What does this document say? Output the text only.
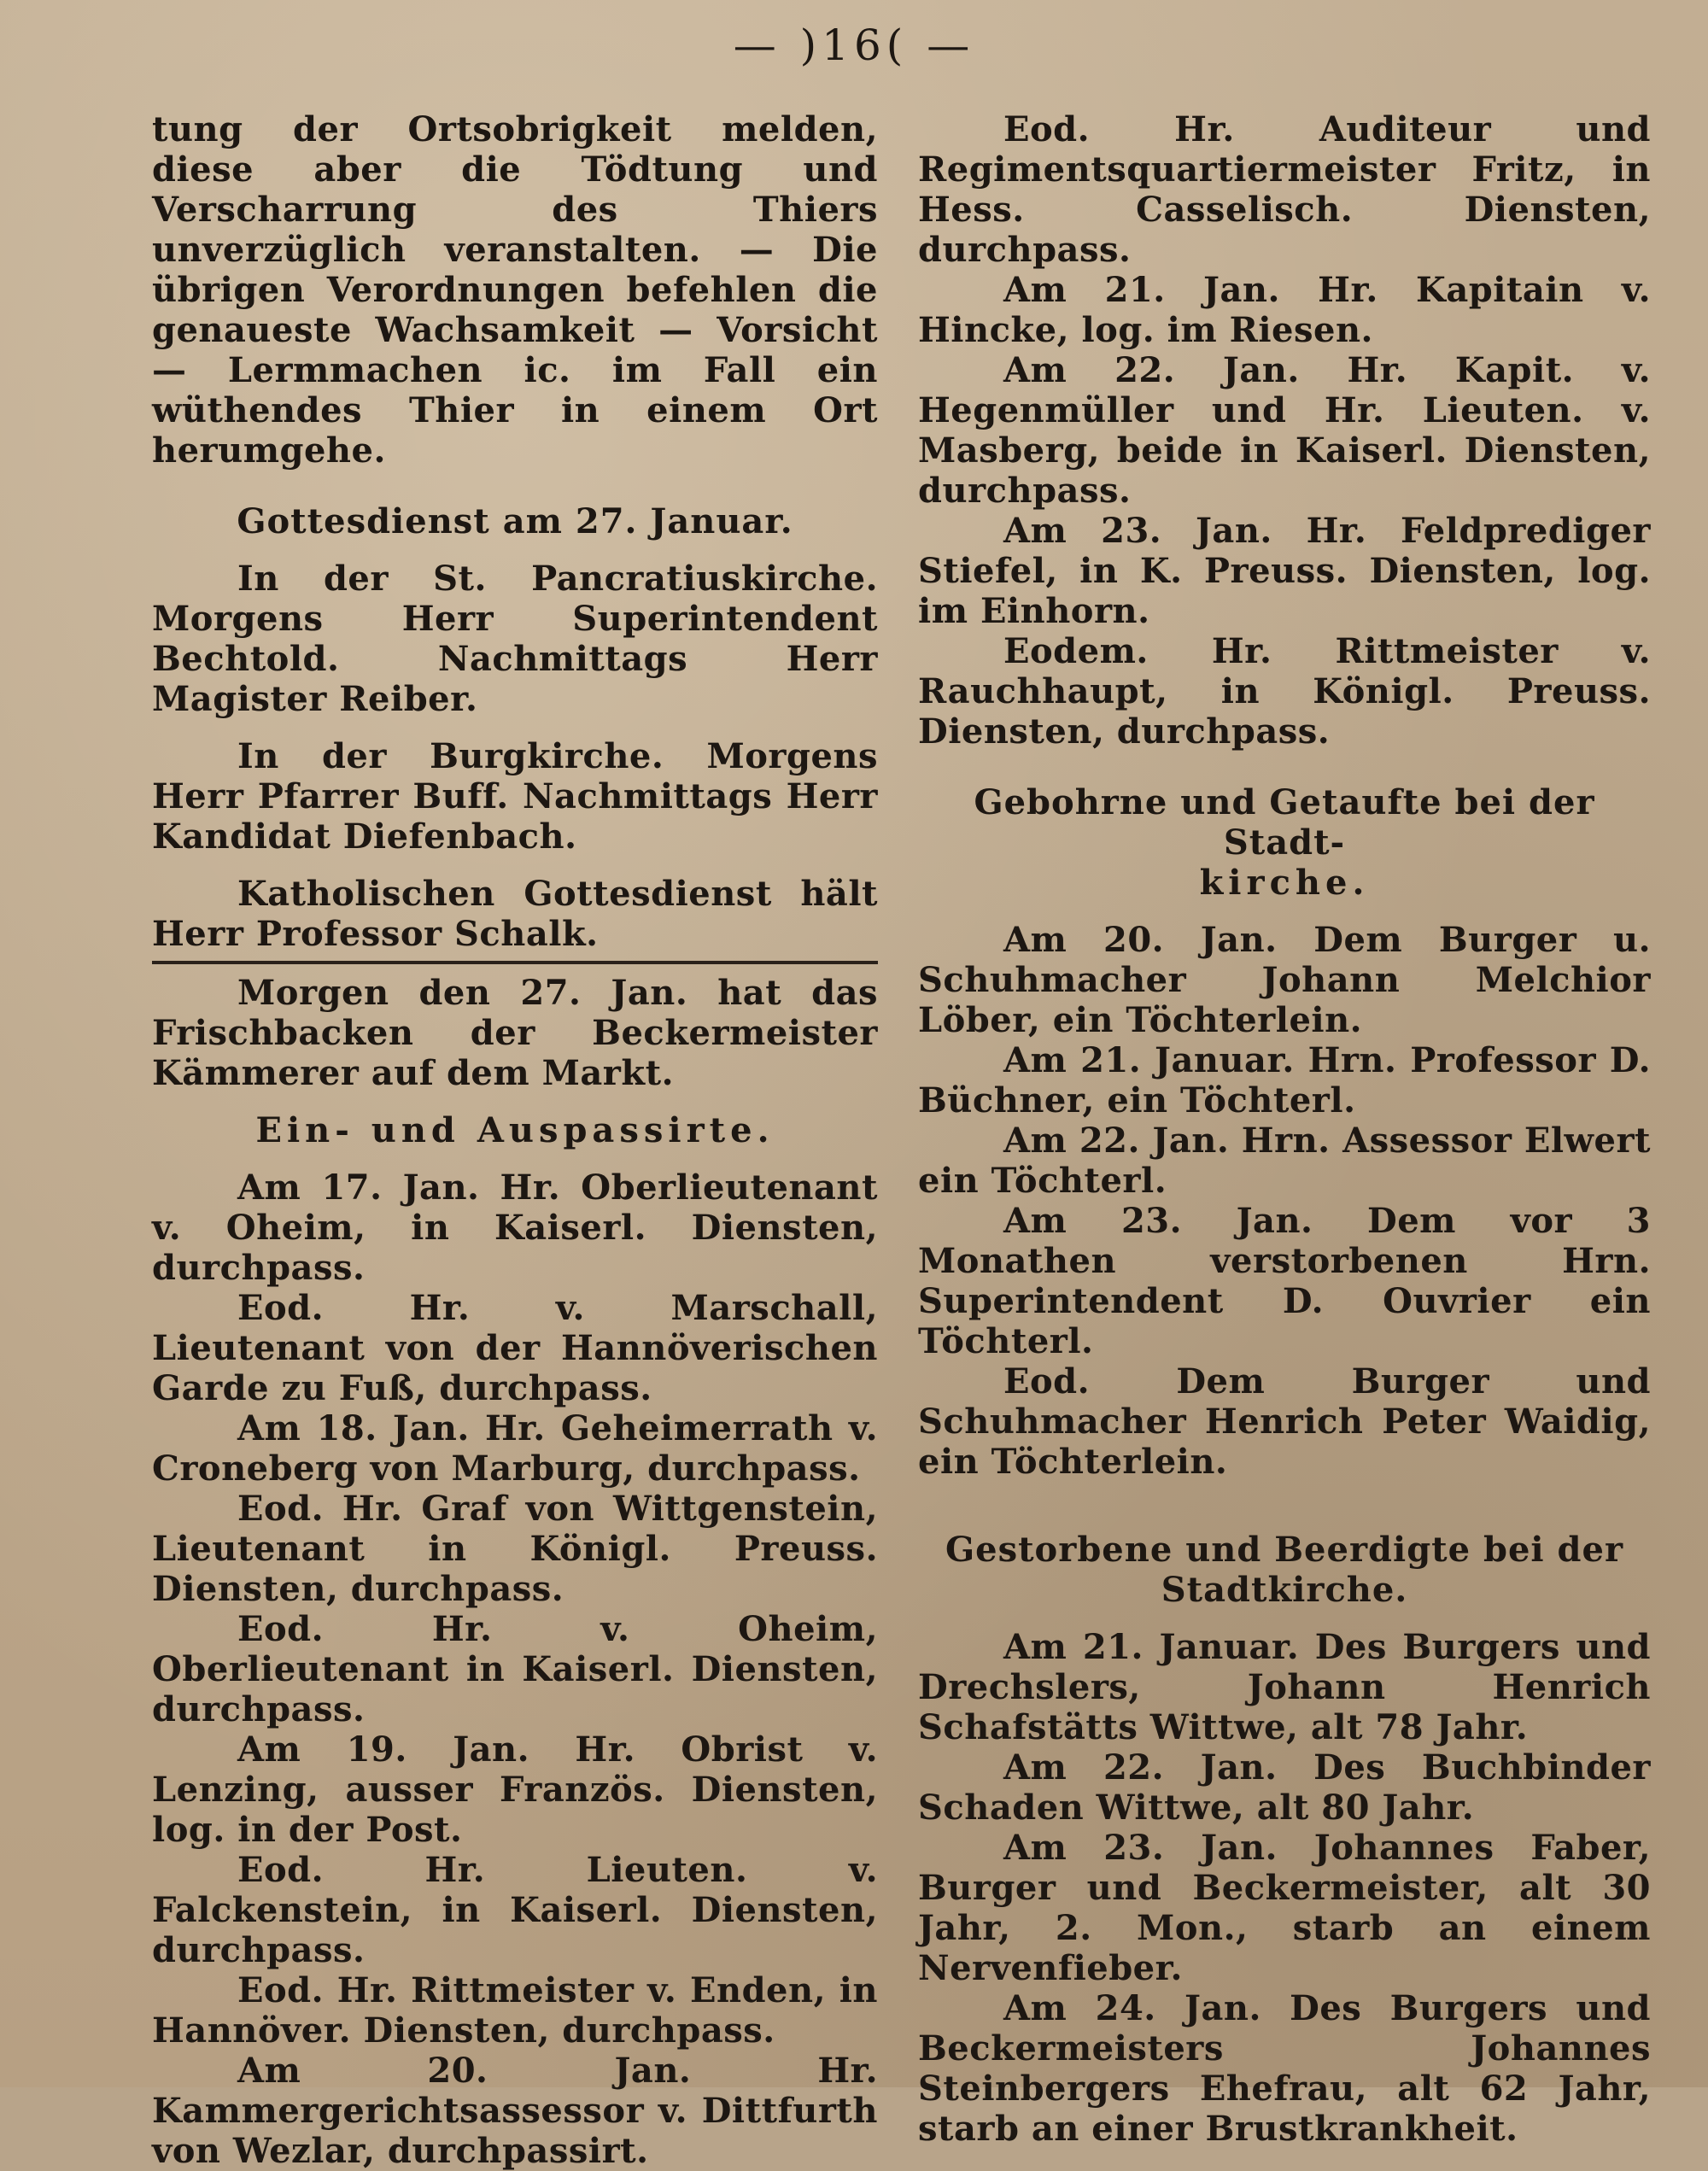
— )16( —

tung der Ortsobrigkeit melden, diese aber die Tödtung und Verscharrung des Thiers unverzüglich veranstalten. — Die übrigen Verordnungen befehlen die genaueste Wachsamkeit — Vorsicht — Lermmachen ic. im Fall ein wüthendes Thier in einem Ort herumgehe.

Gottesdienst am 27. Januar.

In der St. Pancratiuskirche. Morgens Herr Superintendent Bechtold. Nachmittags Herr Magister Reiber.

In der Burgkirche. Morgens Herr Pfarrer Buff. Nachmittags Herr Kandidat Diefenbach.

Katholischen Gottesdienst hält Herr Professor Schalk.

Morgen den 27. Jan. hat das Frischbacken der Beckermeister Kämmerer auf dem Markt.

Ein- und Auspassirte.

Am 17. Jan. Hr. Oberlieutenant v. Oheim, in Kaiserl. Diensten, durchpass.

Eod. Hr. v. Marschall, Lieutenant von der Hannöverischen Garde zu Fuß, durchpass.

Am 18. Jan. Hr. Geheimerrath v. Croneberg von Marburg, durchpass.

Eod. Hr. Graf von Wittgenstein, Lieutenant in Königl. Preuss. Diensten, durchpass.

Eod. Hr. v. Oheim, Oberlieutenant in Kaiserl. Diensten, durchpass.

Am 19. Jan. Hr. Obrist v. Lenzing, ausser Französ. Diensten, log. in der Post.

Eod. Hr. Lieuten. v. Falckenstein, in Kaiserl. Diensten, durchpass.

Eod. Hr. Rittmeister v. Enden, in Hannöver. Diensten, durchpass.

Am 20. Jan. Hr. Kammergerichtsassessor v. Dittfurth von Wezlar, durchpassirt.

Eod. Hr. Auditeur und Regimentsquartiermeister Fritz, in Hess. Casselisch. Diensten, durchpass.

Am 21. Jan. Hr. Kapitain v. Hincke, log. im Riesen.

Am 22. Jan. Hr. Kapit. v. Hegenmüller und Hr. Lieuten. v. Masberg, beide in Kaiserl. Diensten, durchpass.

Am 23. Jan. Hr. Feldprediger Stiefel, in K. Preuss. Diensten, log. im Einhorn.

Eodem. Hr. Rittmeister v. Rauchhaupt, in Königl. Preuss. Diensten, durchpass.

Gebohrne und Getaufte bei der Stadt-
kirche.

Am 20. Jan. Dem Burger u. Schuhmacher Johann Melchior Löber, ein Töchterlein.

Am 21. Januar. Hrn. Professor D. Büchner, ein Töchterl.

Am 22. Jan. Hrn. Assessor Elwert ein Töchterl.

Am 23. Jan. Dem vor 3 Monathen verstorbenen Hrn. Superintendent D. Ouvrier ein Töchterl.

Eod. Dem Burger und Schuhmacher Henrich Peter Waidig, ein Töchterlein.

Gestorbene und Beerdigte bei der
Stadtkirche.

Am 21. Januar. Des Burgers und Drechslers, Johann Henrich Schafstätts Wittwe, alt 78 Jahr.

Am 22. Jan. Des Buchbinder Schaden Wittwe, alt 80 Jahr.

Am 23. Jan. Johannes Faber, Burger und Beckermeister, alt 30 Jahr, 2. Mon., starb an einem Nervenfieber.

Am 24. Jan. Des Burgers und Beckermeisters Johannes Steinbergers Ehefrau, alt 62 Jahr, starb an einer Brustkrankheit.
